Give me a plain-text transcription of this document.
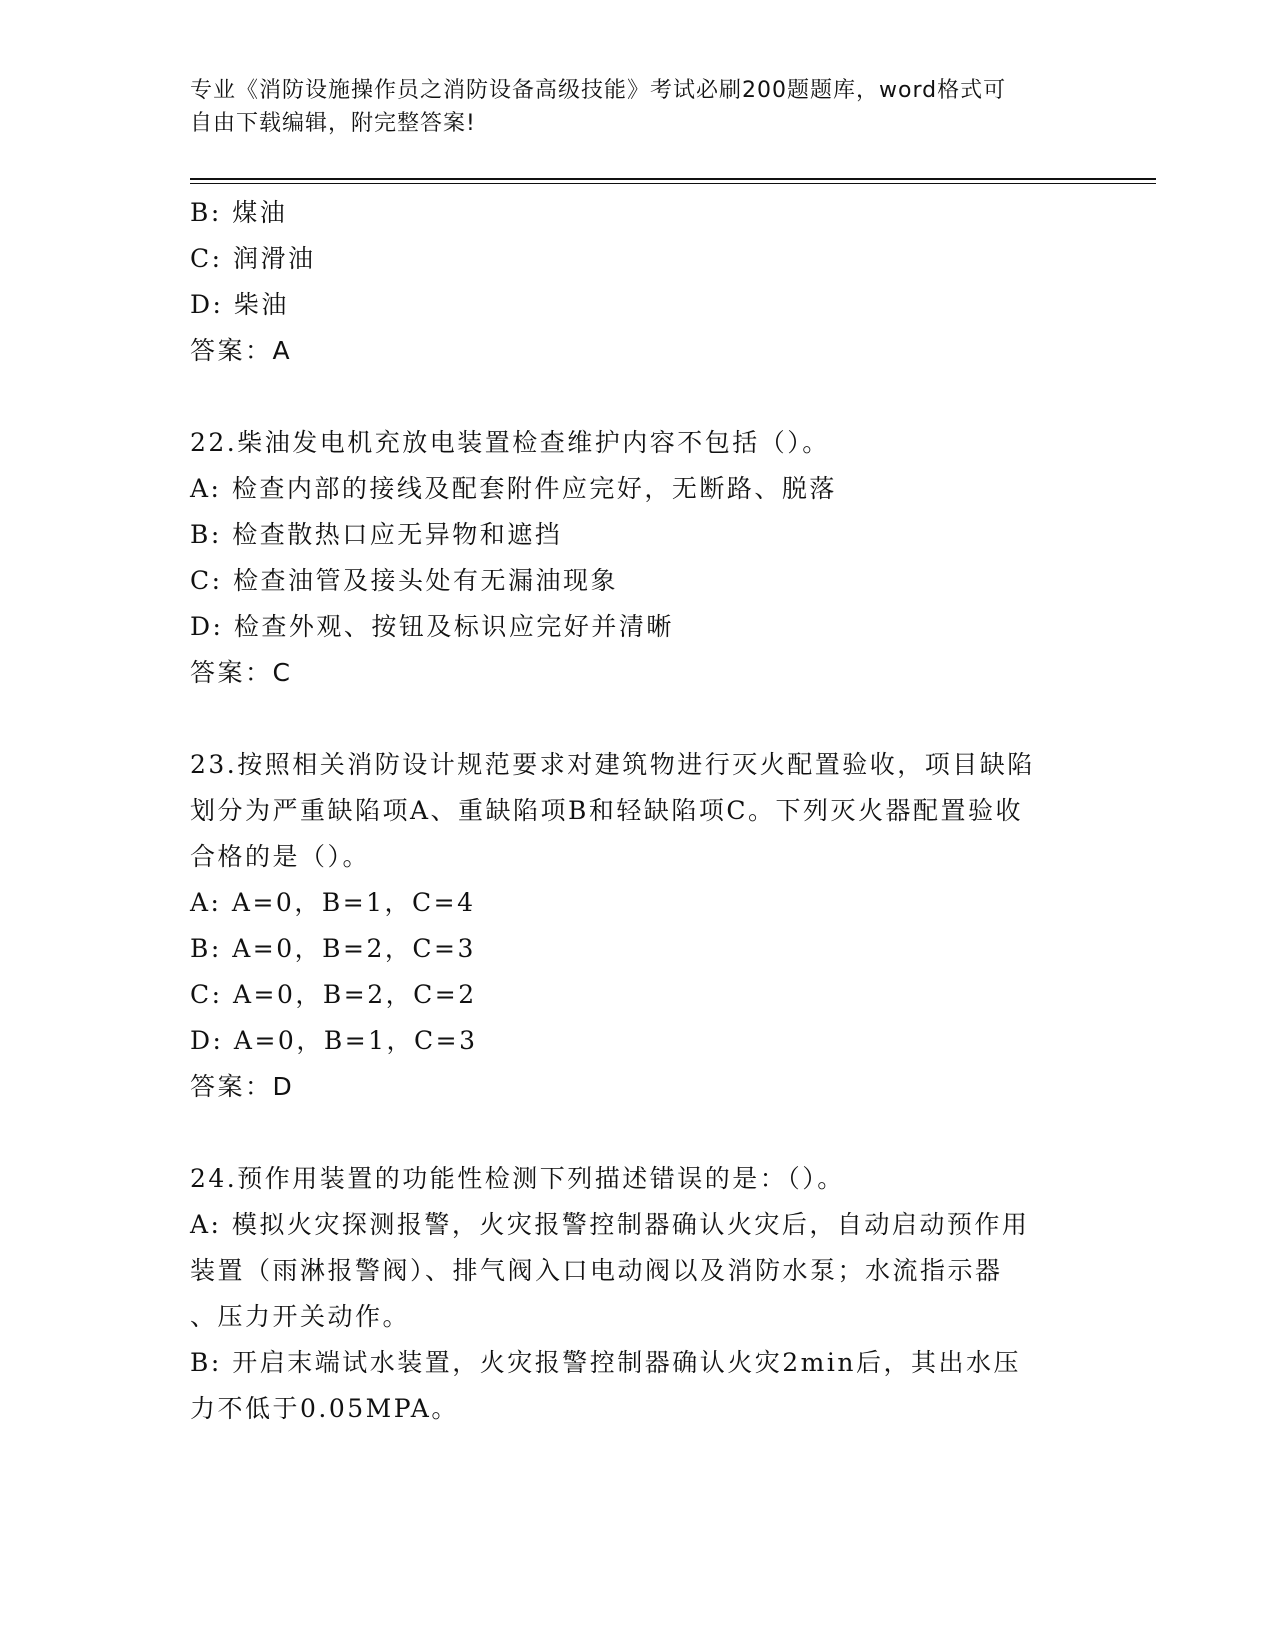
专业《消防设施操作员之消防设备高级技能》考试必刷200题题库，word格式可
自由下载编辑，附完整答案!
B: 煤油
C: 润滑油
D: 柴油
答案：A
22.柴油发电机充放电装置检查维护内容不包括（）。
A: 检查内部的接线及配套附件应完好，无断路、脱落
B: 检查散热口应无异物和遮挡
C: 检查油管及接头处有无漏油现象
D: 检查外观、按钮及标识应完好并清晰
答案：C
23.按照相关消防设计规范要求对建筑物进行灭火配置验收，项目缺陷
划分为严重缺陷项A、重缺陷项B和轻缺陷项C。下列灭火器配置验收
合格的是（）。
A: A=0，B=1，C=4
B: A=0，B=2，C=3
C: A=0，B=2，C=2
D: A=0，B=1，C=3
答案：D
24.预作用装置的功能性检测下列描述错误的是：（）。
A: 模拟火灾探测报警，火灾报警控制器确认火灾后，自动启动预作用
装置（雨淋报警阀）、排气阀入口电动阀以及消防水泵；水流指示器
、压力开关动作。
B: 开启末端试水装置，火灾报警控制器确认火灾2min后，其出水压
力不低于0.05MPA。
